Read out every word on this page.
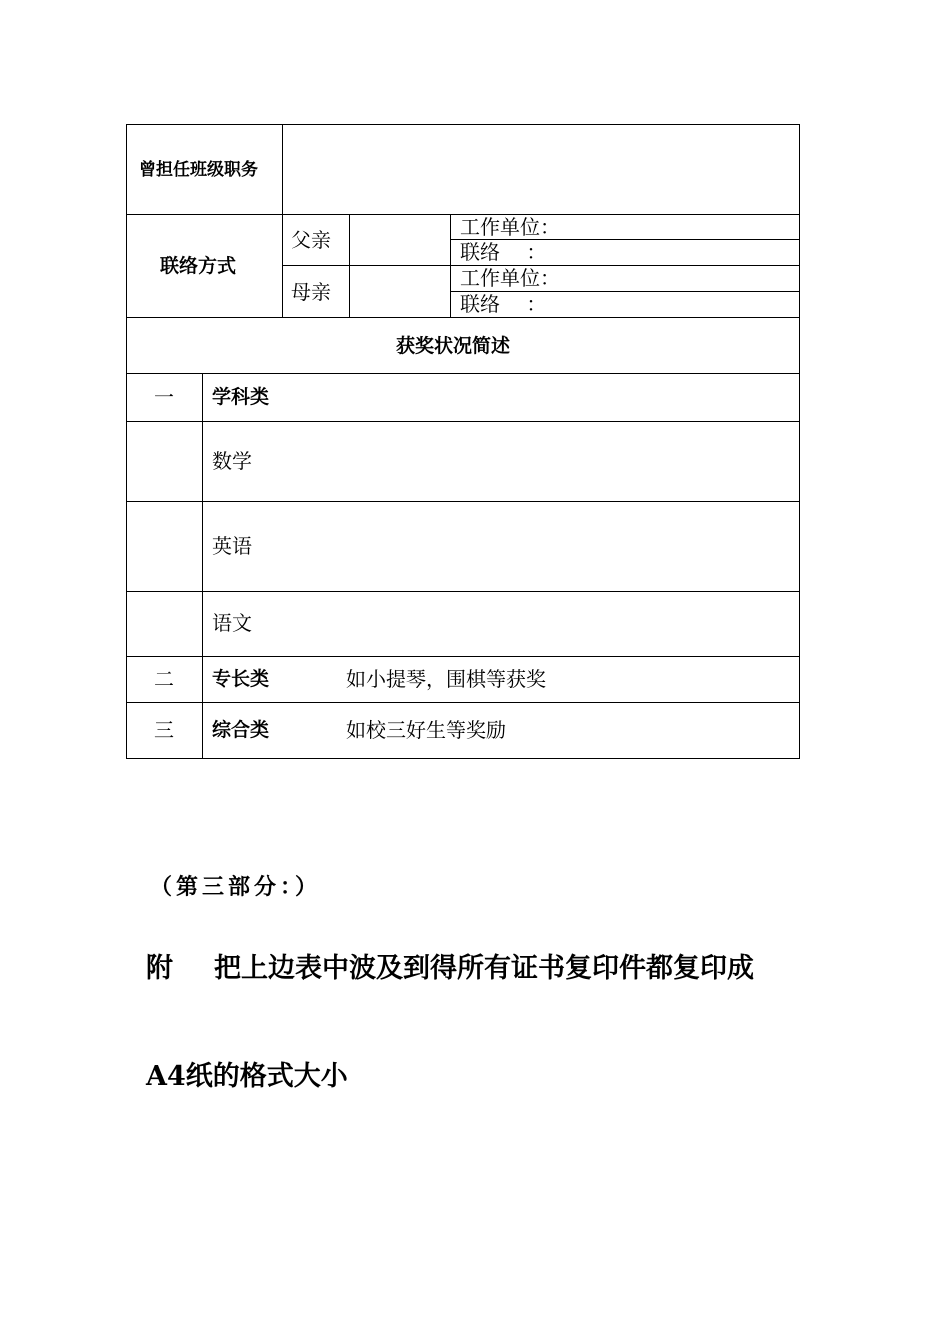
曾担任班级职务
联络方式
父亲
母亲
工作单位：
联络　 ：
工作单位：
联络　 ：
获奖状况简述
一 学科类
数学
英语
语文
二 专长类	如小提琴，围棋等获奖
三 综合类	如校三好生等奖励
（第三部分：）
附 把上边表中波及到得所有证书复印件都复印成
A4纸的格式大小
